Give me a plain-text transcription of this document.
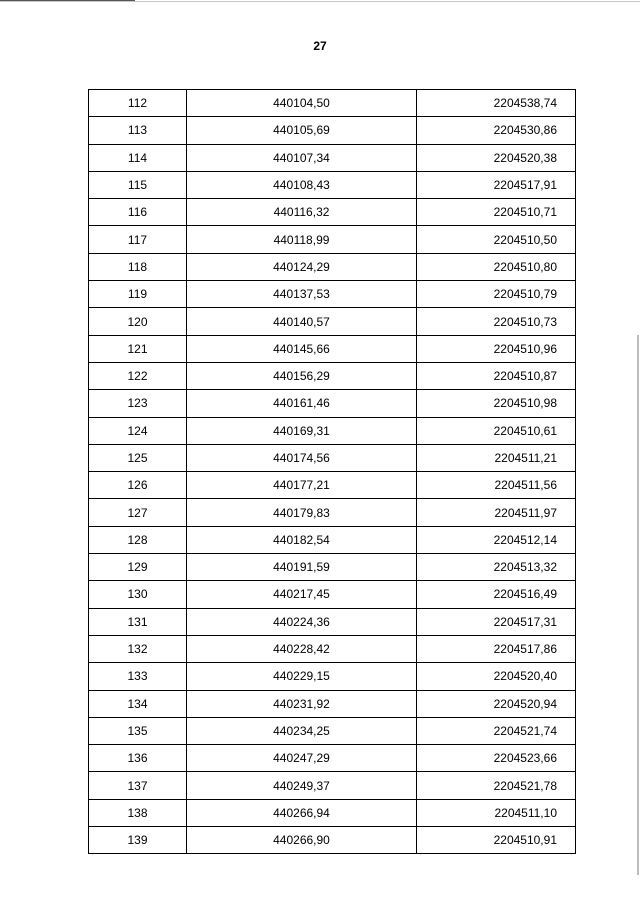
27
112	440104,50	2204538,74
113	440105,69	2204530,86
114	440107,34	2204520,38
115	440108,43	2204517,91
116	440116,32	2204510,71
117	440118,99	2204510,50
118	440124,29	2204510,80
119	440137,53	2204510,79
120	440140,57	2204510,73
121	440145,66	2204510,96
122	440156,29	2204510,87
123	440161,46	2204510,98
124	440169,31	2204510,61
125	440174,56	2204511,21
126	440177,21	2204511,56
127	440179,83	2204511,97
128	440182,54	2204512,14
129	440191,59	2204513,32
130	440217,45	2204516,49
131	440224,36	2204517,31
132	440228,42	2204517,86
133	440229,15	2204520,40
134	440231,92	2204520,94
135	440234,25	2204521,74
136	440247,29	2204523,66
137	440249,37	2204521,78
138	440266,94	2204511,10
139	440266,90	2204510,91
